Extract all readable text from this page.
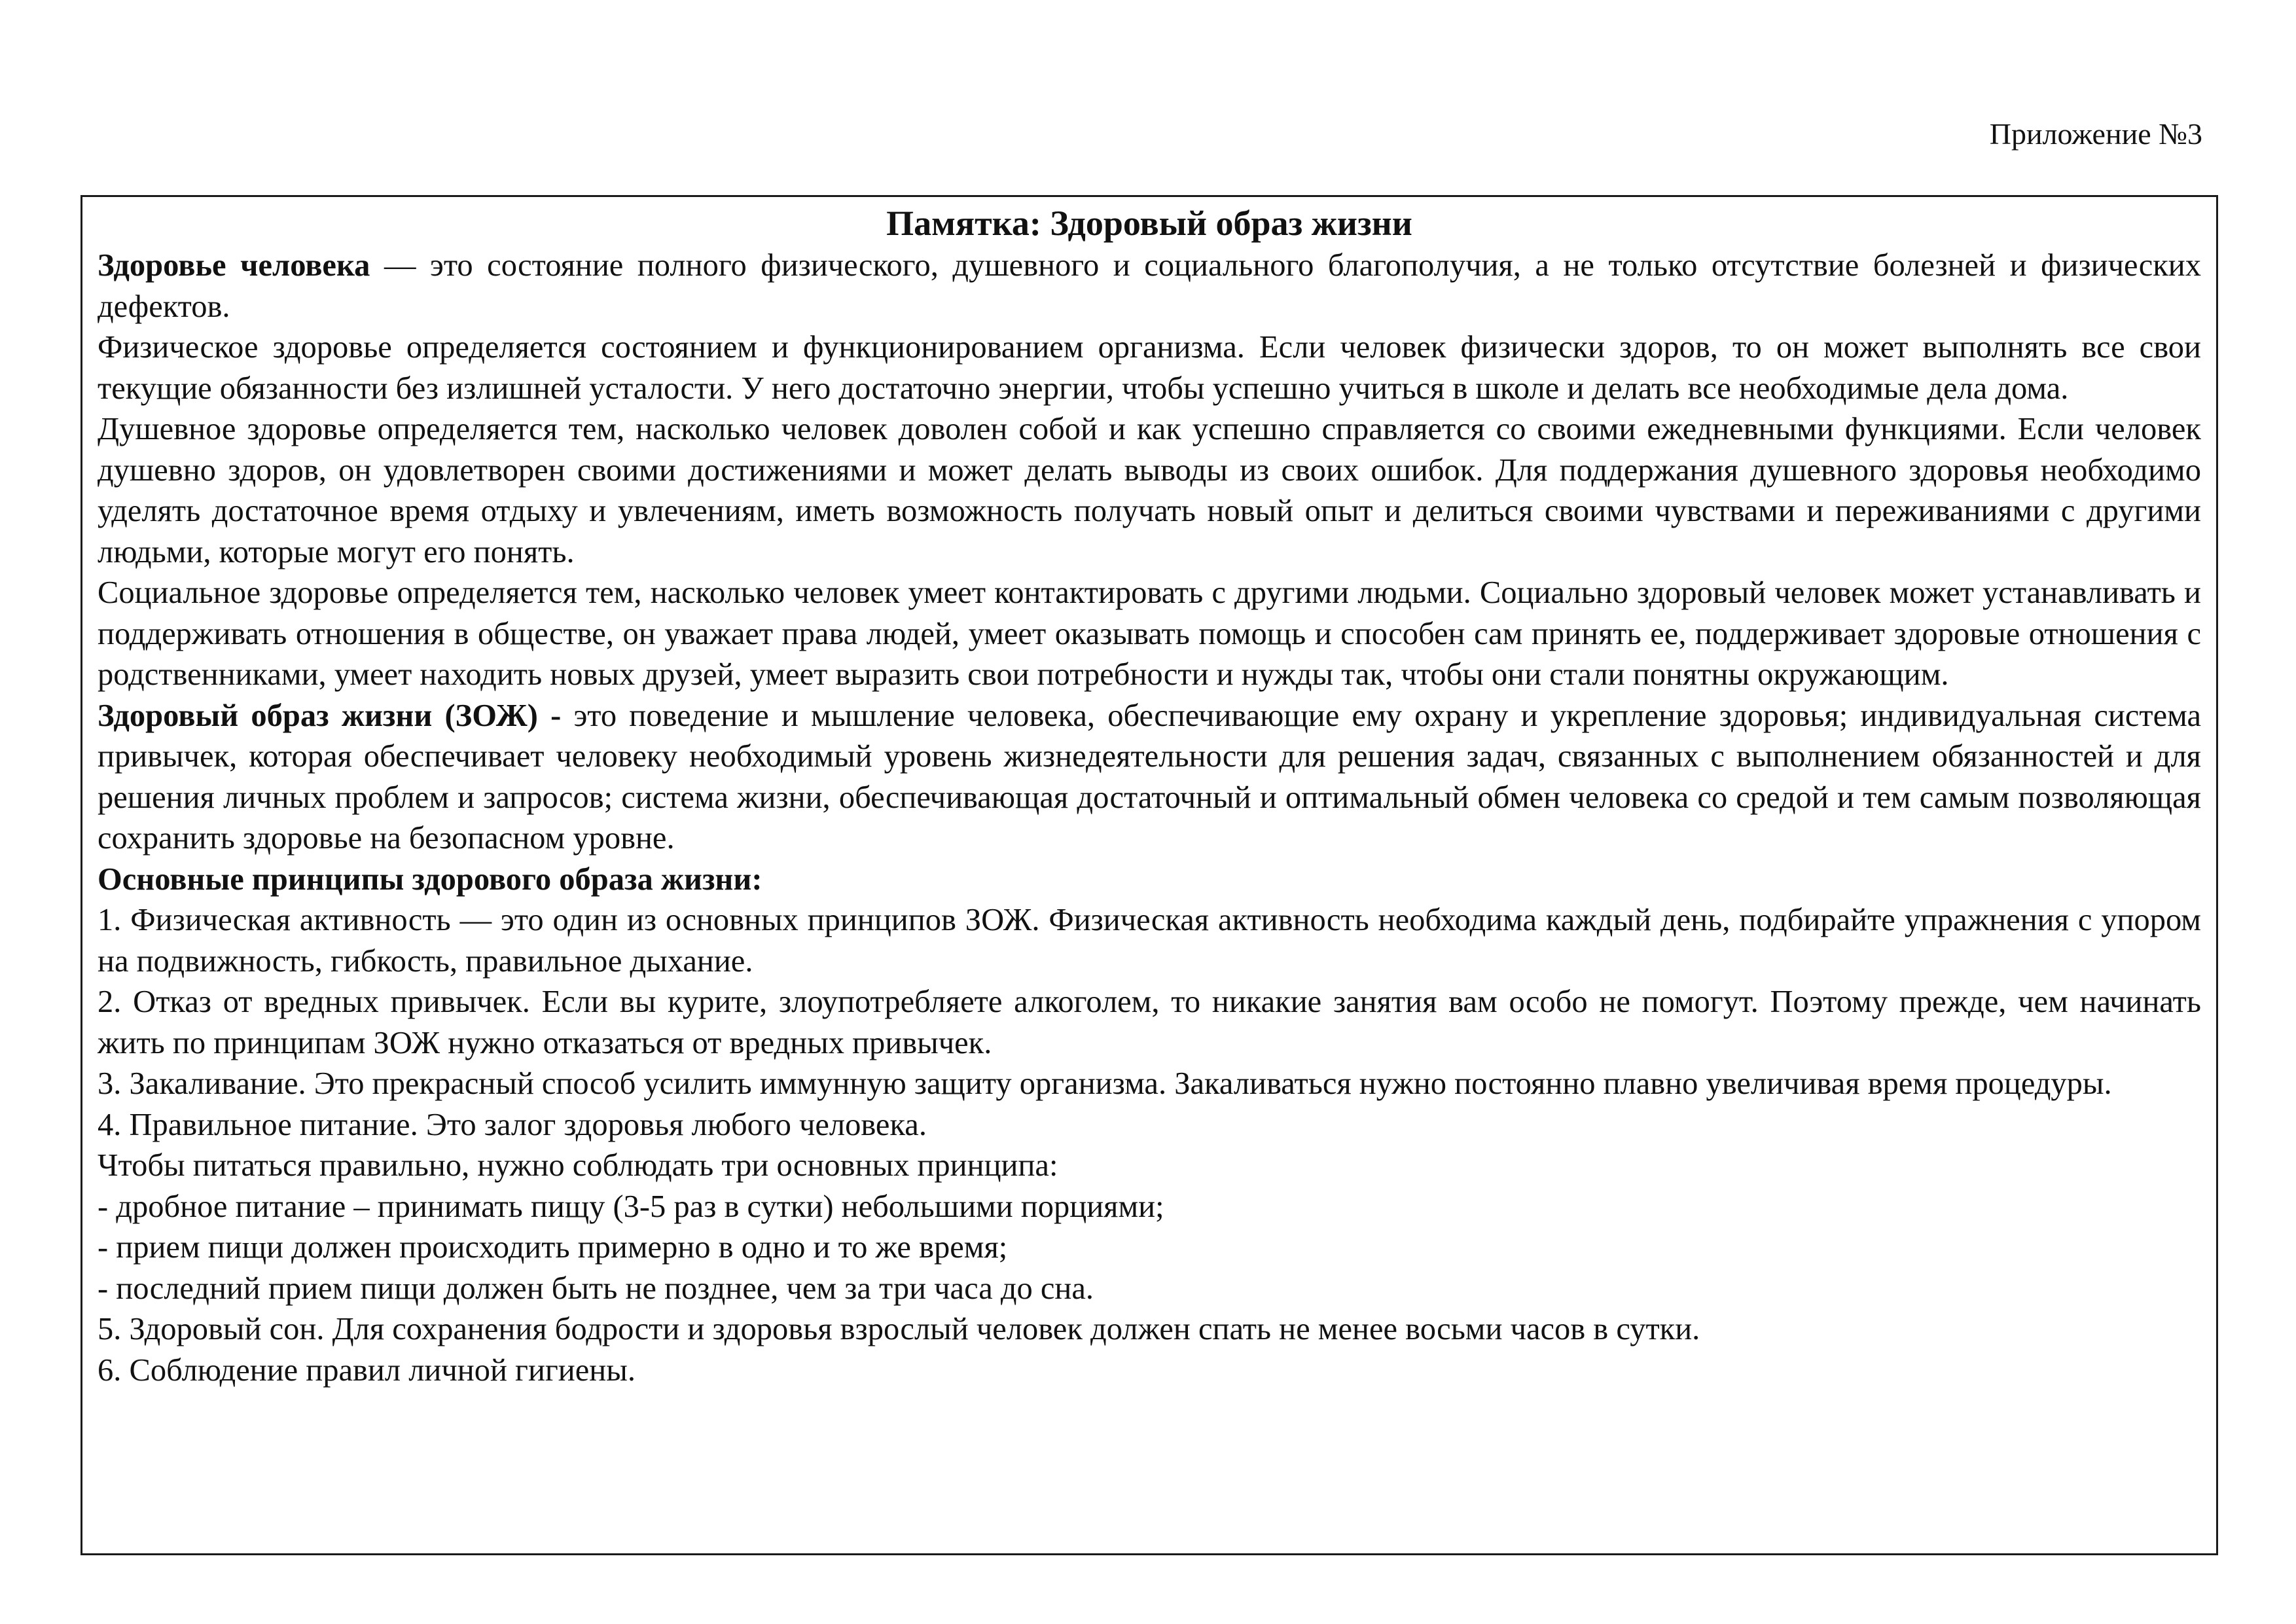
Приложение №3
Памятка: Здоровый образ жизни

Здоровье человека — это состояние полного физического, душевного и социального благополучия, а не только отсутствие болезней и физических дефектов.

Физическое здоровье определяется состоянием и функционированием организма. Если человек физически здоров, то он может выполнять все свои текущие обязанности без излишней усталости. У него достаточно энергии, чтобы успешно учиться в школе и делать все необходимые дела дома.

Душевное здоровье определяется тем, насколько человек доволен собой и как успешно справляется со своими ежедневными функциями. Если человек душевно здоров, он удовлетворен своими достижениями и может делать выводы из своих ошибок. Для поддержания душевного здоровья необходимо уделять достаточное время отдыху и увлечениям, иметь возможность получать новый опыт и делиться своими чувствами и переживаниями с другими людьми, которые могут его понять.

Социальное здоровье определяется тем, насколько человек умеет контактировать с другими людьми. Социально здоровый человек может устанавливать и поддерживать отношения в обществе, он уважает права людей, умеет оказывать помощь и способен сам принять ее, поддерживает здоровые отношения с родственниками, умеет находить новых друзей, умеет выразить свои потребности и нужды так, чтобы они стали понятны окружающим.

Здоровый образ жизни (ЗОЖ) - это поведение и мышление человека, обеспечивающие ему охрану и укрепление здоровья; индивидуальная система привычек, которая обеспечивает человеку необходимый уровень жизнедеятельности для решения задач, связанных с выполнением обязанностей и для решения личных проблем и запросов; система жизни, обеспечивающая достаточный и оптимальный обмен человека со средой и тем самым позволяющая сохранить здоровье на безопасном уровне.

Основные принципы здорового образа жизни:

1. Физическая активность — это один из основных принципов ЗОЖ. Физическая активность необходима каждый день, подбирайте упражнения с упором на подвижность, гибкость, правильное дыхание.

2. Отказ от вредных привычек. Если вы курите, злоупотребляете алкоголем, то никакие занятия вам особо не помогут. Поэтому прежде, чем начинать жить по принципам ЗОЖ нужно отказаться от вредных привычек.

3. Закаливание. Это прекрасный способ усилить иммунную защиту организма. Закаливаться нужно постоянно плавно увеличивая время процедуры.

4. Правильное питание. Это залог здоровья любого человека.

Чтобы питаться правильно, нужно соблюдать три основных принципа:

- дробное питание – принимать пищу (3-5 раз в сутки) небольшими порциями;

- прием пищи должен происходить примерно в одно и то же время;

- последний прием пищи должен быть не позднее, чем за три часа до сна.

5. Здоровый сон. Для сохранения бодрости и здоровья взрослый человек должен спать не менее восьми часов в сутки.

6. Соблюдение правил личной гигиены.
